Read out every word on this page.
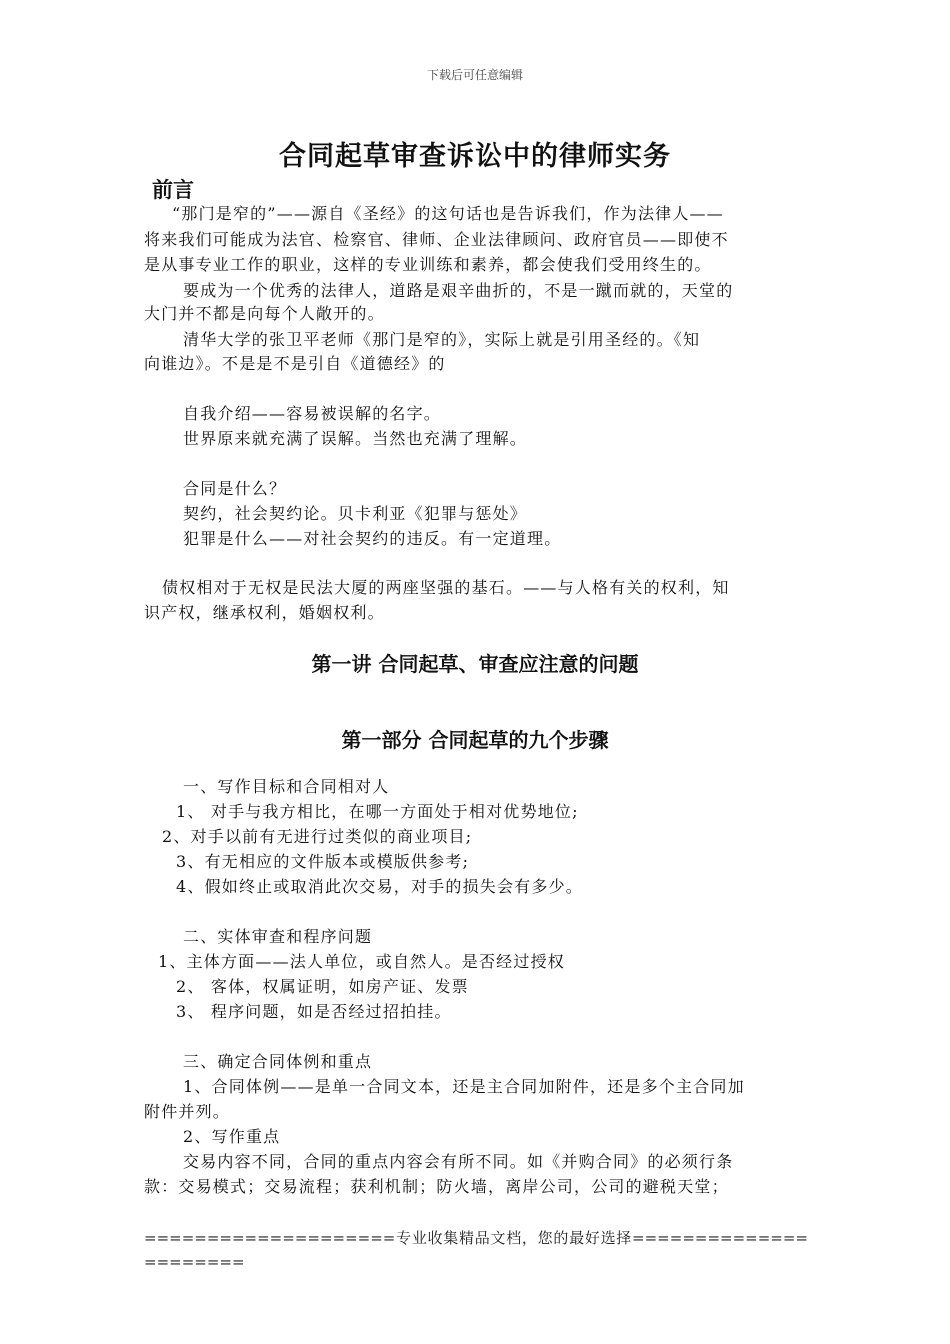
下载后可任意编辑
合同起草审查诉讼中的律师实务
前言

“那门是窄的”——源自《圣经》的这句话也是告诉我们，作为法律人——

将来我们可能成为法官、检察官、律师、企业法律顾问、政府官员——即使不

是从事专业工作的职业，这样的专业训练和素养，都会使我们受用终生的。

要成为一个优秀的法律人，道路是艰辛曲折的，不是一蹴而就的，天堂的

大门并不都是向每个人敞开的。

清华大学的张卫平老师《那门是窄的》，实际上就是引用圣经的。《知

向谁边》。不是是不是引自《道德经》的

自我介绍——容易被误解的名字。

世界原来就充满了误解。当然也充满了理解。

合同是什么？

契约，社会契约论。贝卡利亚《犯罪与惩处》

犯罪是什么——对社会契约的违反。有一定道理。

债权相对于无权是民法大厦的两座坚强的基石。——与人格有关的权利，知

识产权，继承权利，婚姻权利。

第一讲 合同起草、审查应注意的问题
第一部分 合同起草的九个步骤

一、写作目标和合同相对人

1、 对手与我方相比，在哪一方面处于相对优势地位;

2、对手以前有无进行过类似的商业项目;

3、有无相应的文件版本或模版供参考;

4、假如终止或取消此次交易，对手的损失会有多少。

二、实体审查和程序问题

1、主体方面——法人单位，或自然人。是否经过授权

2、 客体，权属证明，如房产证、发票

3、 程序问题，如是否经过招拍挂。

三、确定合同体例和重点

1、合同体例——是单一合同文本，还是主合同加附件，还是多个主合同加

附件并列。

2、写作重点

交易内容不同，合同的重点内容会有所不同。如《并购合同》的必须行条

款：交易模式；交易流程；获利机制；防火墙，离岸公司，公司的避税天堂；

====================专业收集精品文档，您的最好选择======================
